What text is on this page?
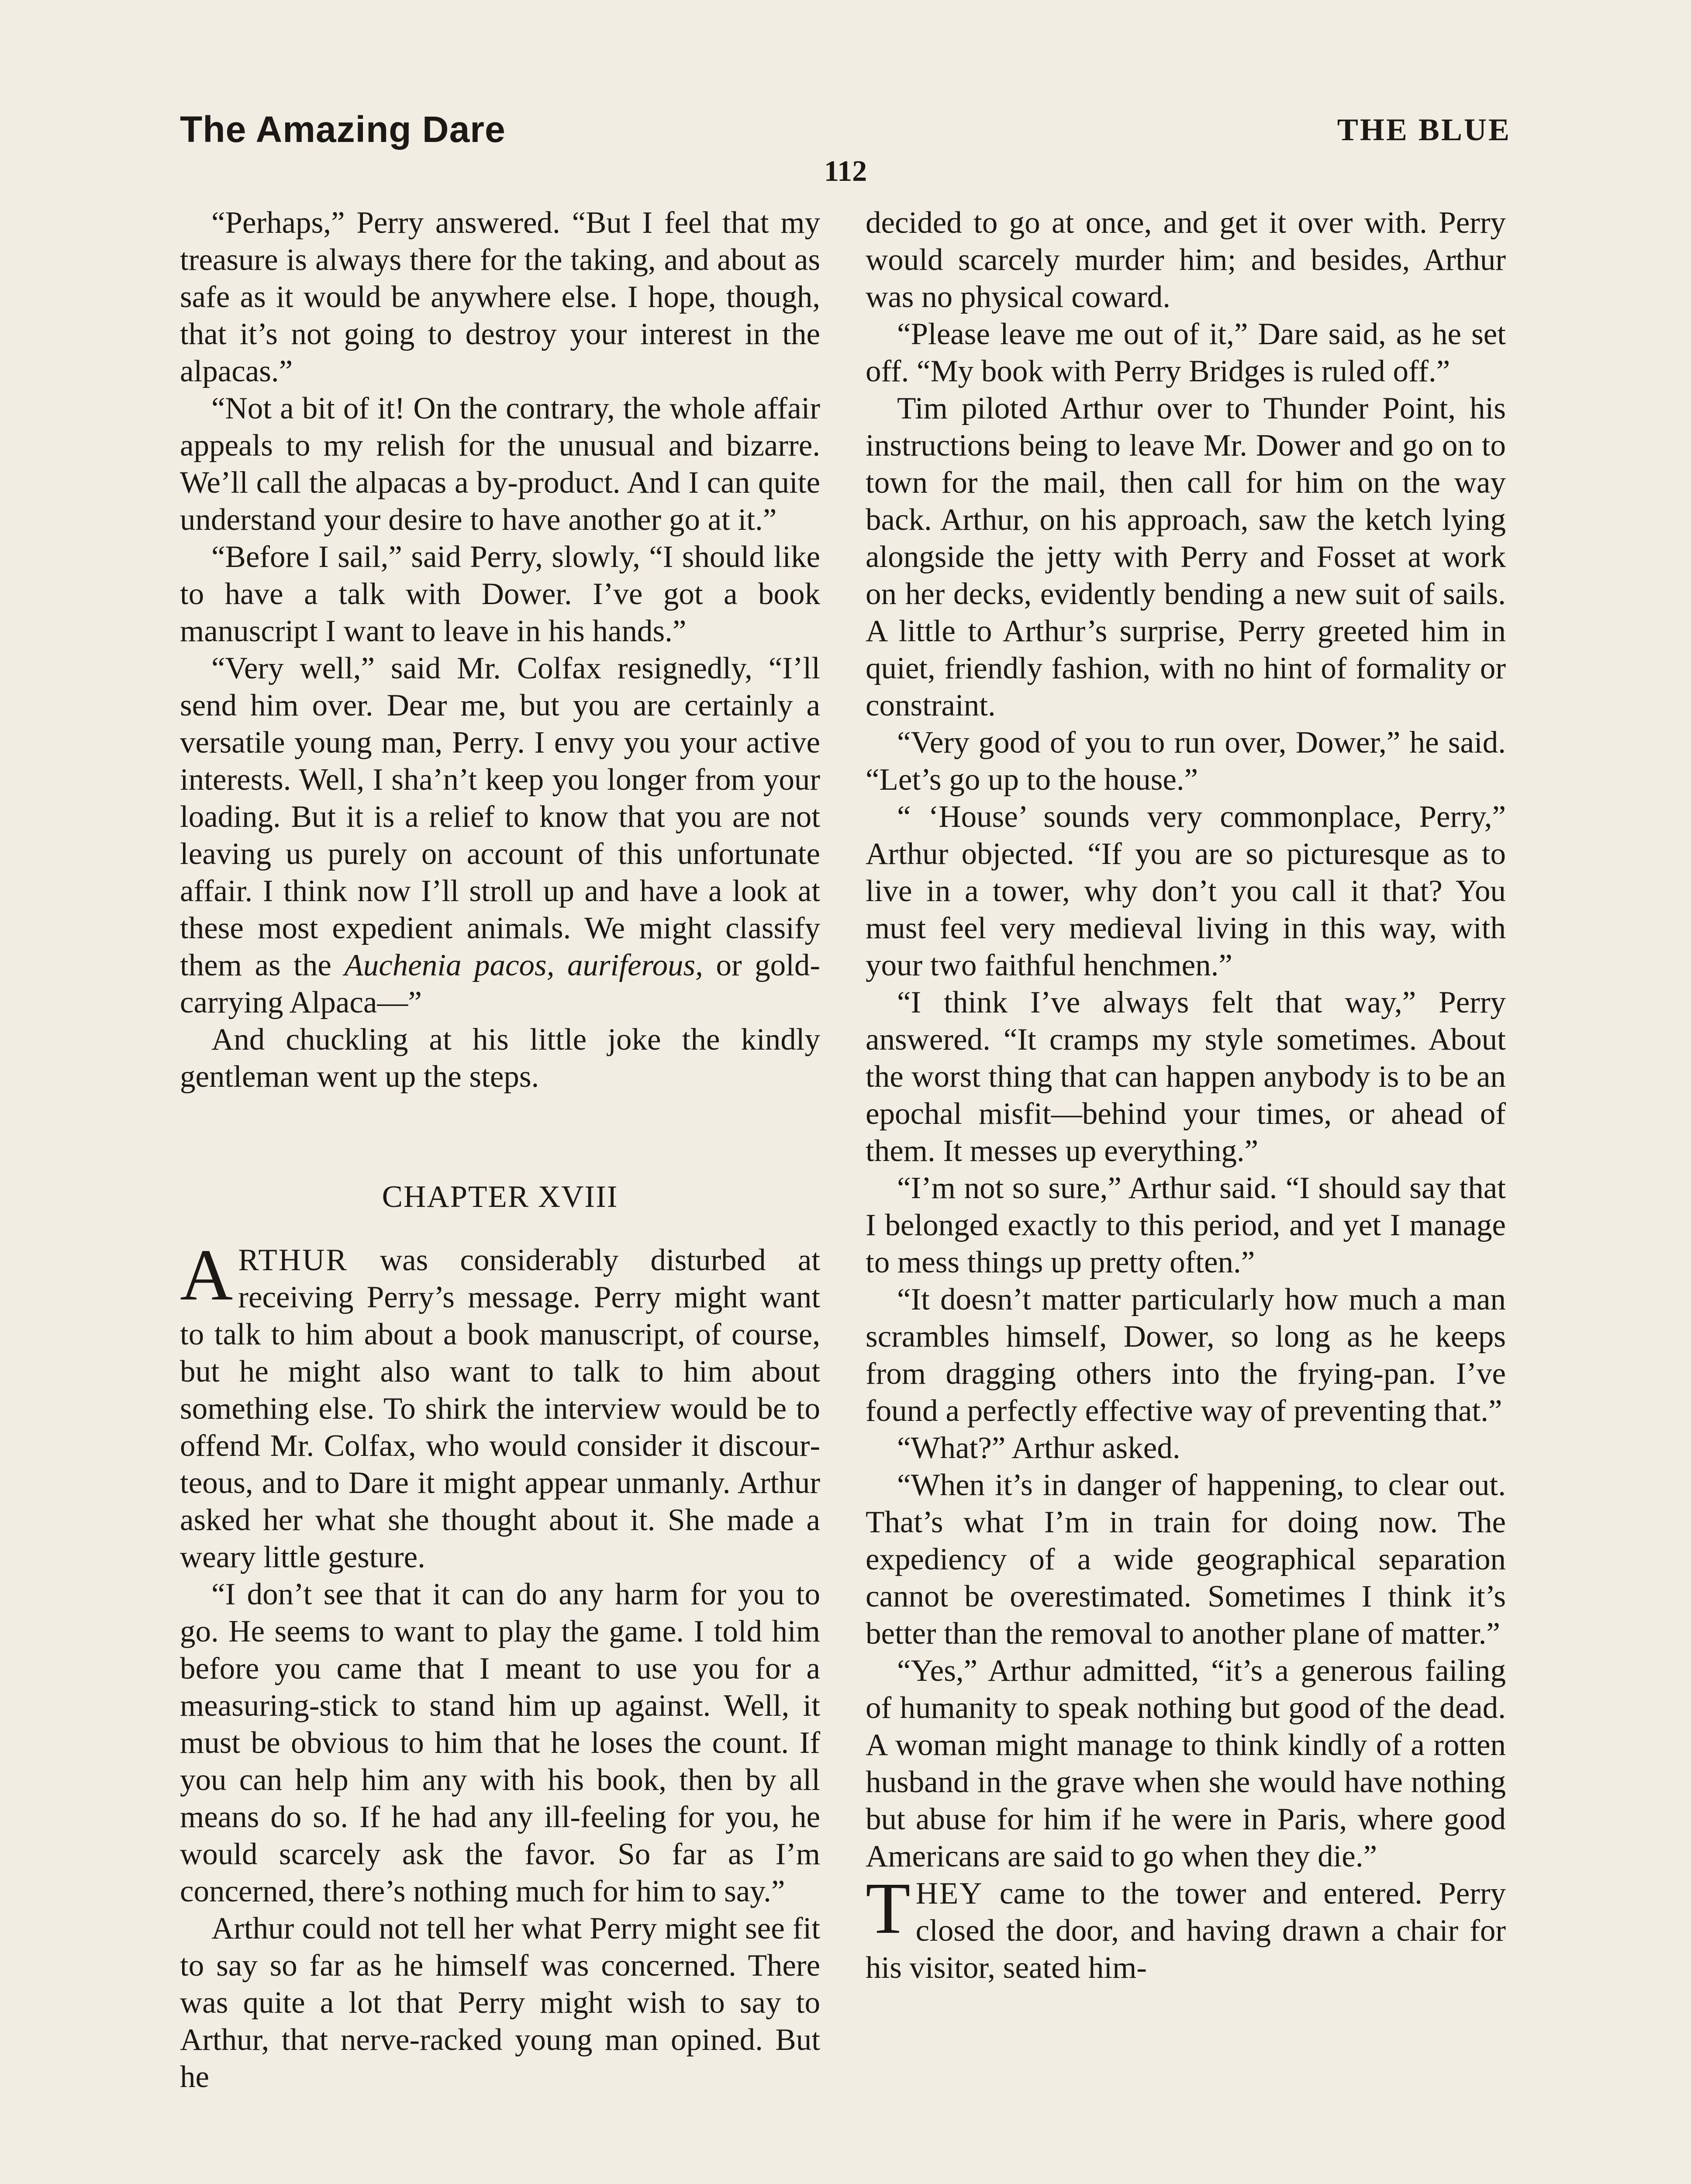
The Amazing Dare	THE BLUE
112

“Perhaps,” Perry answered. “But I feel that my treasure is always there for the taking, and about as safe as it would be anywhere else. I hope, though, that it’s not going to destroy your interest in the alpacas.”

“Not a bit of it! On the contrary, the whole affair appeals to my relish for the unusual and bizarre. We’ll call the alpacas a by-product. And I can quite understand your desire to have another go at it.”

“Before I sail,” said Perry, slowly, “I should like to have a talk with Dower. I’ve got a book manuscript I want to leave in his hands.”

“Very well,” said Mr. Colfax resignedly, “I’ll send him over. Dear me, but you are certainly a versatile young man, Perry. I envy you your active interests. Well, I sha’n’t keep you longer from your loading. But it is a relief to know that you are not leaving us purely on account of this unfortunate affair. I think now I’ll stroll up and have a look at these most expedient animals. We might classify them as the Auchenia pacos, auriferous, or gold-carrying Alpaca—”

And chuckling at his little joke the kindly gentleman went up the steps.

CHAPTER XVIII

ARTHUR was considerably disturbed at receiving Perry’s message. Perry might want to talk to him about a book manuscript, of course, but he might also want to talk to him about something else. To shirk the interview would be to offend Mr. Colfax, who would consider it discourteous, and to Dare it might appear unmanly. Arthur asked her what she thought about it. She made a weary little gesture.

“I don’t see that it can do any harm for you to go. He seems to want to play the game. I told him before you came that I meant to use you for a measuring-stick to stand him up against. Well, it must be obvious to him that he loses the count. If you can help him any with his book, then by all means do so. If he had any ill-feeling for you, he would scarcely ask the favor. So far as I’m concerned, there’s nothing much for him to say.”

Arthur could not tell her what Perry might see fit to say so far as he himself was concerned. There was quite a lot that Perry might wish to say to Arthur, that nerve-racked young man opined. But he

decided to go at once, and get it over with. Perry would scarcely murder him; and besides, Arthur was no physical coward.

“Please leave me out of it,” Dare said, as he set off. “My book with Perry Bridges is ruled off.”

Tim piloted Arthur over to Thunder Point, his instructions being to leave Mr. Dower and go on to town for the mail, then call for him on the way back. Arthur, on his approach, saw the ketch lying alongside the jetty with Perry and Fosset at work on her decks, evidently bending a new suit of sails. A little to Arthur’s surprise, Perry greeted him in quiet, friendly fashion, with no hint of formality or constraint.

“Very good of you to run over, Dower,” he said. “Let’s go up to the house.”

“ ‘House’ sounds very commonplace, Perry,” Arthur objected. “If you are so picturesque as to live in a tower, why don’t you call it that? You must feel very medieval living in this way, with your two faithful henchmen.”

“I think I’ve always felt that way,” Perry answered. “It cramps my style sometimes. About the worst thing that can happen anybody is to be an epochal misfit—behind your times, or ahead of them. It messes up everything.”

“I’m not so sure,” Arthur said. “I should say that I belonged exactly to this period, and yet I manage to mess things up pretty often.”

“It doesn’t matter particularly how much a man scrambles himself, Dower, so long as he keeps from dragging others into the frying-pan. I’ve found a perfectly effective way of preventing that.”

“What?” Arthur asked.

“When it’s in danger of happening, to clear out. That’s what I’m in train for doing now. The expediency of a wide geographical separation cannot be overestimated. Sometimes I think it’s better than the removal to another plane of matter.”

“Yes,” Arthur admitted, “it’s a generous failing of humanity to speak nothing but good of the dead. A woman might manage to think kindly of a rotten husband in the grave when she would have nothing but abuse for him if he were in Paris, where good Americans are said to go when they die.”

THEY came to the tower and entered. Perry closed the door, and having drawn a chair for his visitor, seated him-
